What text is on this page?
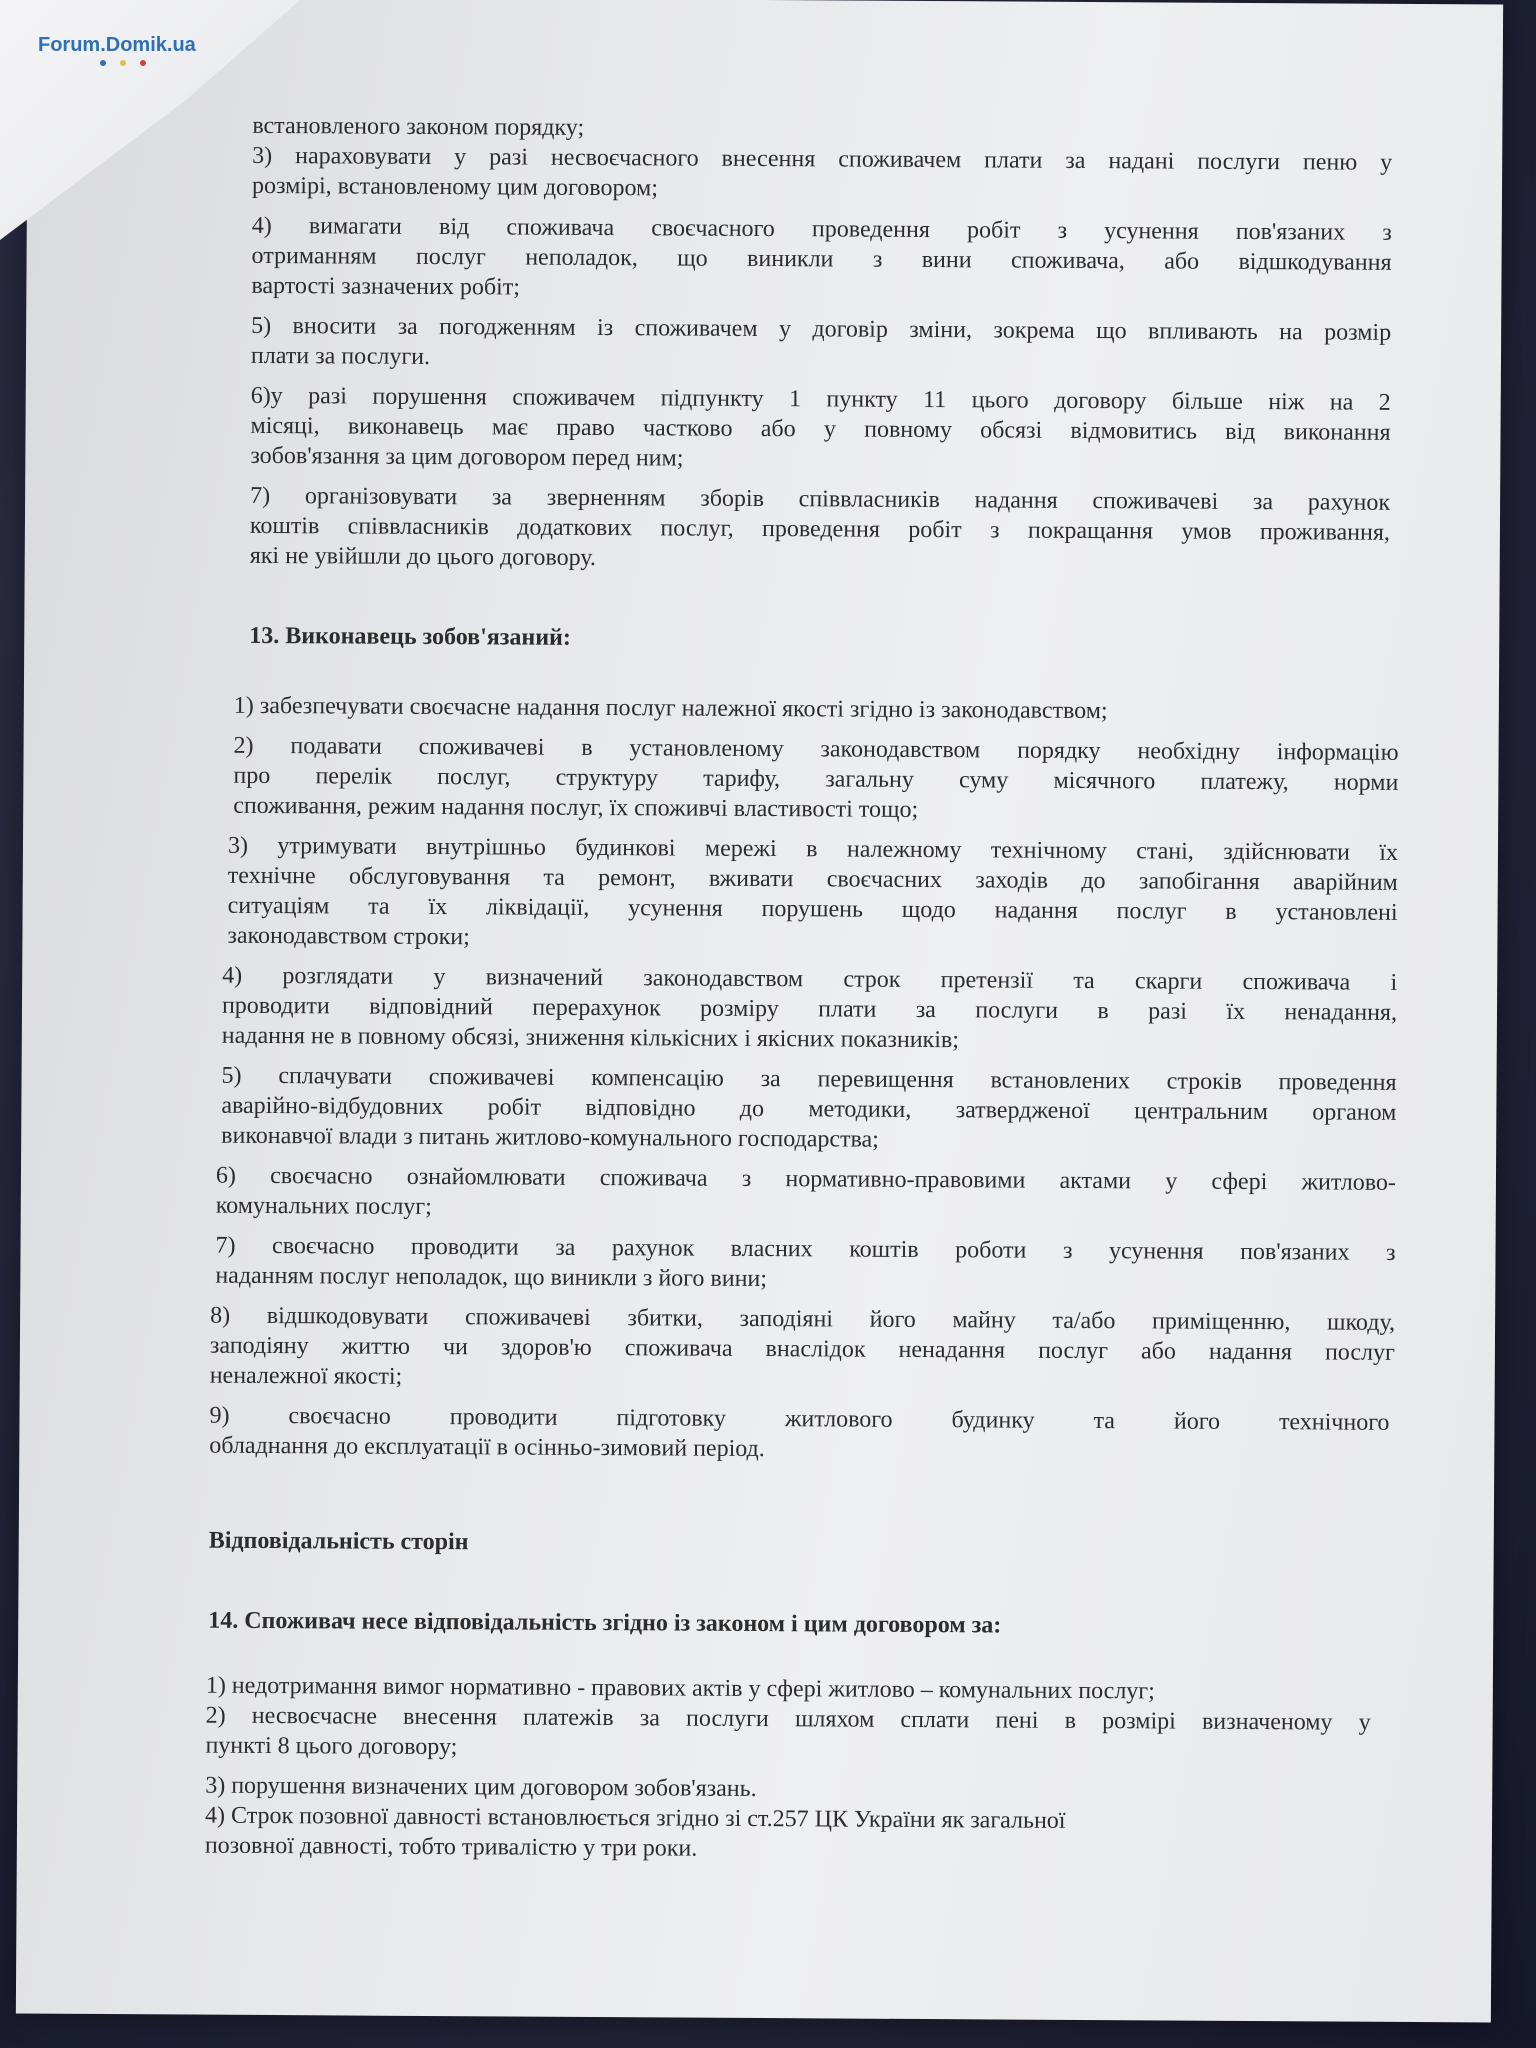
встановленого законом порядку;
3) нараховувати у разі несвоєчасного внесення споживачем плати за надані послуги пеню у
розмірі, встановленому цим договором;
4) вимагати від споживача своєчасного проведення робіт з усунення пов'язаних з
отриманням послуг неполадок, що виникли з вини споживача, або відшкодування
вартості зазначених робіт;
5) вносити за погодженням із споживачем у договір зміни, зокрема що впливають на розмір
плати за послуги.
6)у разі порушення споживачем підпункту 1 пункту 11 цього договору більше ніж на 2
місяці, виконавець має право частково або у повному обсязі відмовитись від виконання
зобов'язання за цим договором перед ним;
7) організовувати за зверненням зборів співвласників надання споживачеві за рахунок
коштів співвласників додаткових послуг, проведення робіт з покращання умов проживання,
які не увійшли до цього договору.
13. Виконавець зобов'язаний:
1) забезпечувати своєчасне надання послуг належної якості згідно із законодавством;
2) подавати споживачеві в установленому законодавством порядку необхідну інформацію
про перелік послуг, структуру тарифу, загальну суму місячного платежу, норми
споживання, режим надання послуг, їх споживчі властивості тощо;
3) утримувати внутрішньо будинкові мережі в належному технічному стані, здійснювати їх
технічне обслуговування та ремонт, вживати своєчасних заходів до запобігання аварійним
ситуаціям та їх ліквідації, усунення порушень щодо надання послуг в установлені
законодавством строки;
4) розглядати у визначений законодавством строк претензії та скарги споживача і
проводити відповідний перерахунок розміру плати за послуги в разі їх ненадання,
надання не в повному обсязі, зниження кількісних і якісних показників;
5) сплачувати споживачеві компенсацію за перевищення встановлених строків проведення
аварійно-відбудовних робіт відповідно до методики, затвердженої центральним органом
виконавчої влади з питань житлово-комунального господарства;
6) своєчасно ознайомлювати споживача з нормативно-правовими актами у сфері житлово-
комунальних послуг;
7) своєчасно проводити за рахунок власних коштів роботи з усунення пов'язаних з
наданням послуг неполадок, що виникли з його вини;
8) відшкодовувати споживачеві збитки, заподіяні його майну та/або приміщенню, шкоду,
заподіяну життю чи здоров'ю споживача внаслідок ненадання послуг або надання послуг
неналежної якості;
9) своєчасно проводити підготовку житлового будинку та його технічного
обладнання до експлуатації в осінньо-зимовий період.
Відповідальність сторін
14. Споживач несе відповідальність згідно із законом і цим договором за:
1) недотримання вимог нормативно - правових актів у сфері житлово – комунальних послуг;
2) несвоєчасне внесення платежів за послуги шляхом сплати пені в розмірі визначеному у
пункті 8 цього договору;
3) порушення визначених цим договором зобов'язань.
4) Строк позовної давності встановлюється згідно зі ст.257 ЦК України як загальної
позовної давності, тобто тривалістю у три роки.
Forum.Domik.ua
